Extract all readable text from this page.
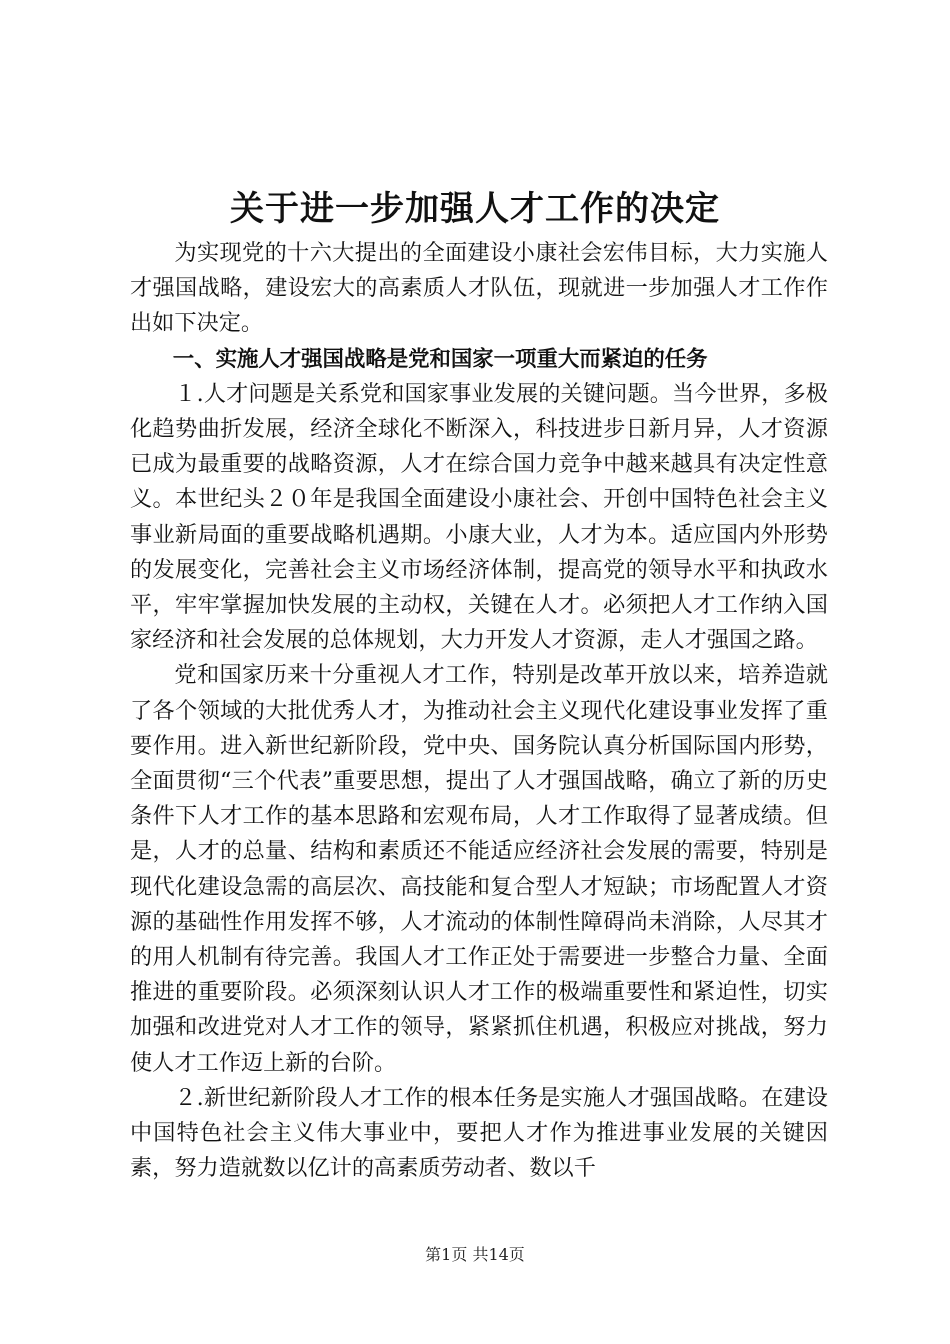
关于进一步加强人才工作的决定

为实现党的十六大提出的全面建设小康社会宏伟目标，大力实施人才强国战略，建设宏大的高素质人才队伍，现就进一步加强人才工作作出如下决定。

一、实施人才强国战略是党和国家一项重大而紧迫的任务

１.人才问题是关系党和国家事业发展的关键问题。当今世界，多极化趋势曲折发展，经济全球化不断深入，科技进步日新月异，人才资源已成为最重要的战略资源，人才在综合国力竞争中越来越具有决定性意义。本世纪头２０年是我国全面建设小康社会、开创中国特色社会主义事业新局面的重要战略机遇期。小康大业，人才为本。适应国内外形势的发展变化，完善社会主义市场经济体制，提高党的领导水平和执政水平，牢牢掌握加快发展的主动权，关键在人才。必须把人才工作纳入国家经济和社会发展的总体规划，大力开发人才资源，走人才强国之路。

党和国家历来十分重视人才工作，特别是改革开放以来，培养造就了各个领域的大批优秀人才，为推动社会主义现代化建设事业发挥了重要作用。进入新世纪新阶段，党中央、国务院认真分析国际国内形势，全面贯彻“三个代表”重要思想，提出了人才强国战略，确立了新的历史条件下人才工作的基本思路和宏观布局，人才工作取得了显著成绩。但是，人才的总量、结构和素质还不能适应经济社会发展的需要，特别是现代化建设急需的高层次、高技能和复合型人才短缺；市场配置人才资源的基础性作用发挥不够，人才流动的体制性障碍尚未消除，人尽其才的用人机制有待完善。我国人才工作正处于需要进一步整合力量、全面推进的重要阶段。必须深刻认识人才工作的极端重要性和紧迫性，切实加强和改进党对人才工作的领导，紧紧抓住机遇，积极应对挑战，努力使人才工作迈上新的台阶。

２.新世纪新阶段人才工作的根本任务是实施人才强国战略。在建设中国特色社会主义伟大事业中，要把人才作为推进事业发展的关键因素，努力造就数以亿计的高素质劳动者、数以千

第1页 共14页
